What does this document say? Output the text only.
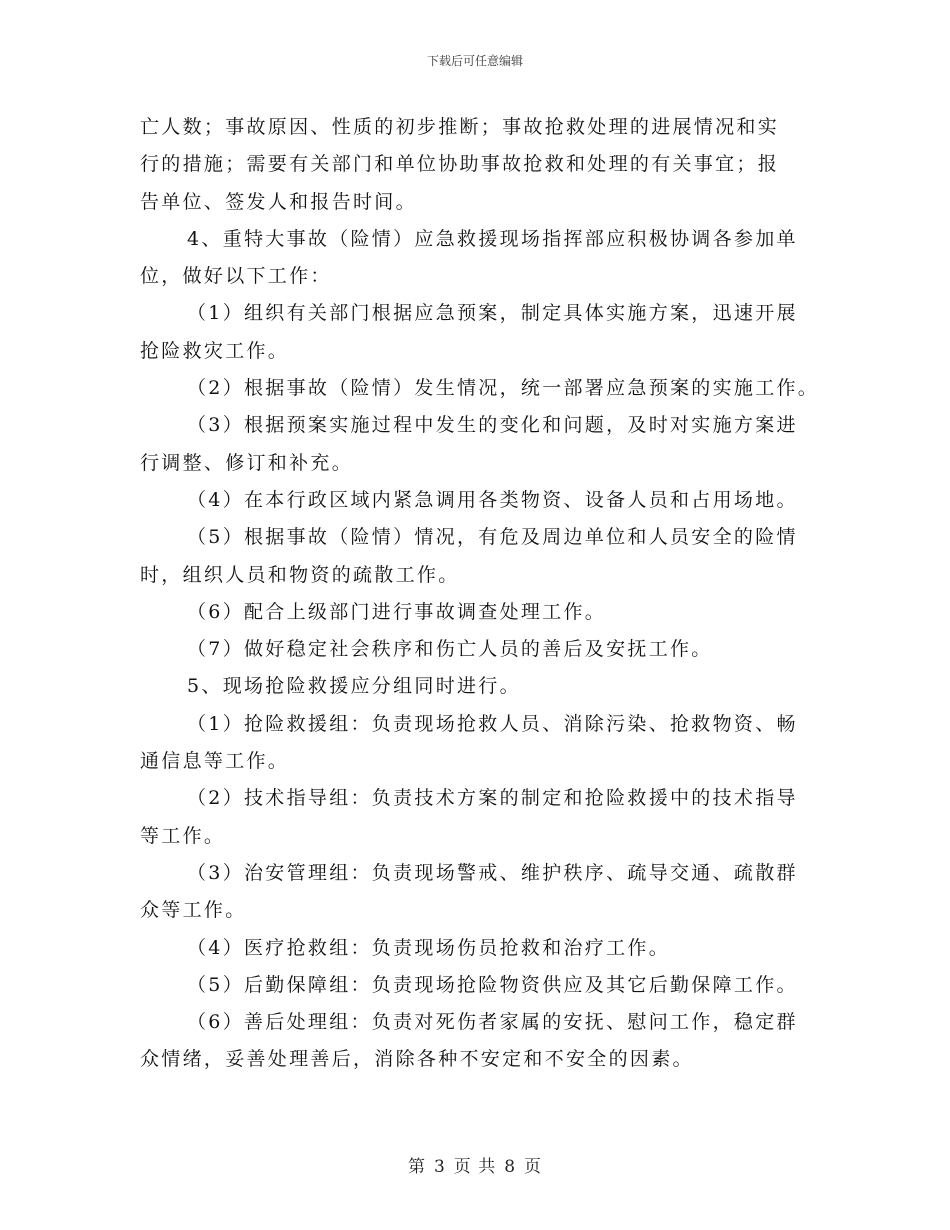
下载后可任意编辑
亡人数；事故原因、性质的初步推断；事故抢救处理的进展情况和实
行的措施；需要有关部门和单位协助事故抢救和处理的有关事宜；报
告单位、签发人和报告时间。
4、重特大事故（险情）应急救援现场指挥部应积极协调各参加单
位，做好以下工作：
（1）组织有关部门根据应急预案，制定具体实施方案，迅速开展
抢险救灾工作。
（2）根据事故（险情）发生情况，统一部署应急预案的实施工作。
（3）根据预案实施过程中发生的变化和问题，及时对实施方案进
行调整、修订和补充。
（4）在本行政区域内紧急调用各类物资、设备人员和占用场地。
（5）根据事故（险情）情况，有危及周边单位和人员安全的险情
时，组织人员和物资的疏散工作。
（6）配合上级部门进行事故调查处理工作。
（7）做好稳定社会秩序和伤亡人员的善后及安抚工作。
5、现场抢险救援应分组同时进行。
（1）抢险救援组：负责现场抢救人员、消除污染、抢救物资、畅
通信息等工作。
（2）技术指导组：负责技术方案的制定和抢险救援中的技术指导
等工作。
（3）治安管理组：负责现场警戒、维护秩序、疏导交通、疏散群
众等工作。
（4）医疗抢救组：负责现场伤员抢救和治疗工作。
（5）后勤保障组：负责现场抢险物资供应及其它后勤保障工作。
（6）善后处理组：负责对死伤者家属的安抚、慰问工作，稳定群
众情绪，妥善处理善后，消除各种不安定和不安全的因素。
第 3 页 共 8 页
